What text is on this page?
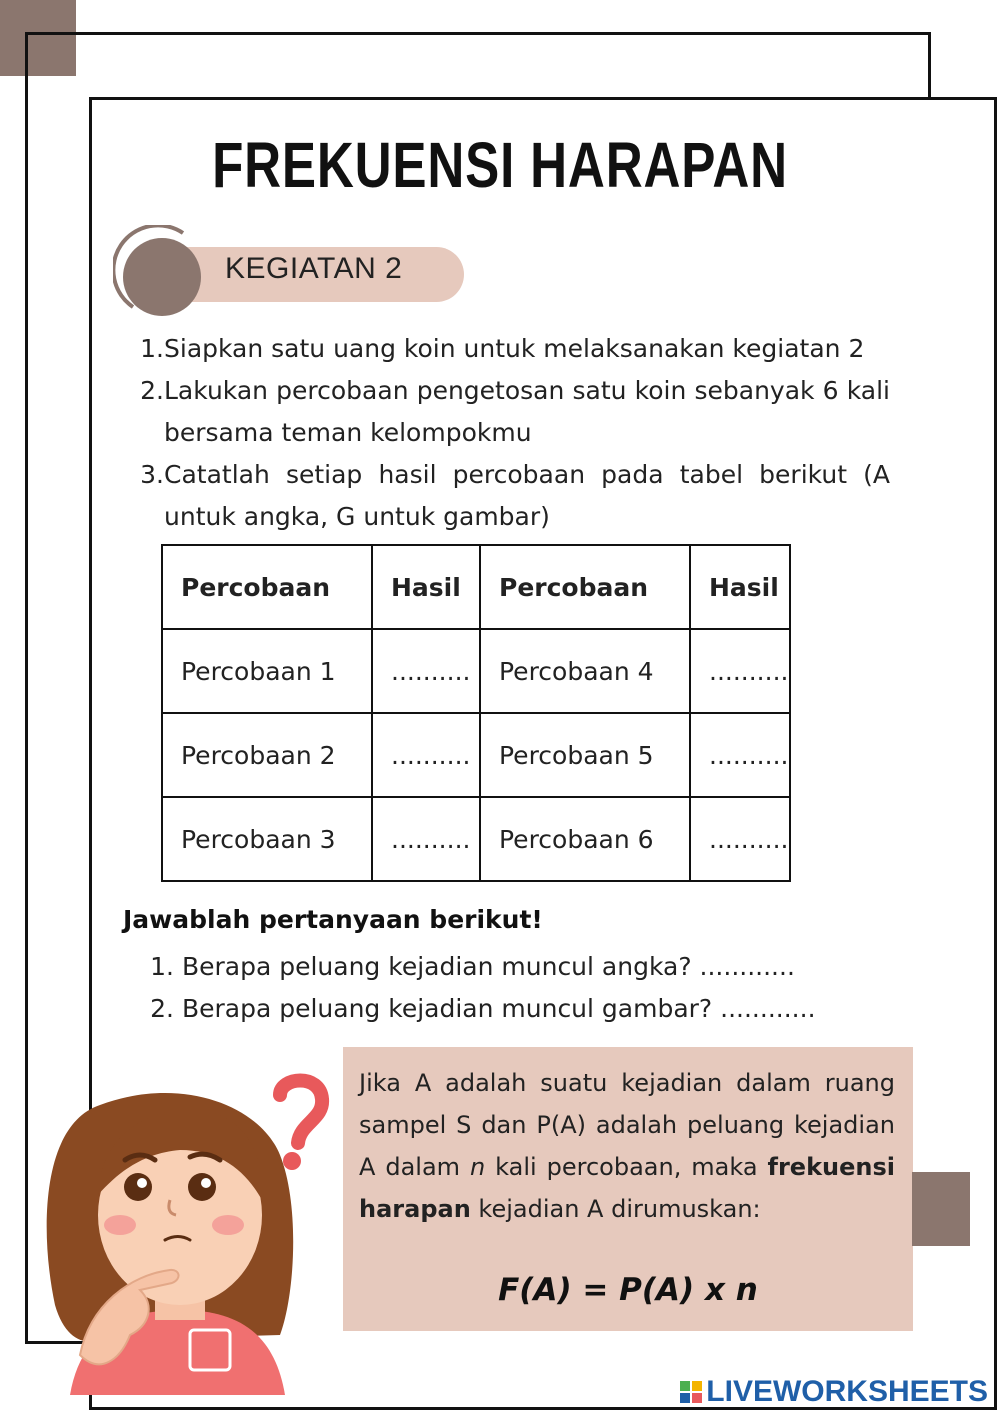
FREKUENSI HARAPAN
KEGIATAN 2
1. Siapkan satu uang koin untuk melaksanakan kegiatan 2
2. Lakukan percobaan pengetosan satu koin sebanyak 6 kali bersama teman kelompokmu
3. Catatlah setiap hasil percobaan pada tabel berikut (A untuk angka, G untuk gambar)
Percobaan	Hasil	Percobaan	Hasil
Percobaan 1	..........	Percobaan 4	..........
Percobaan 2	..........	Percobaan 5	..........
Percobaan 3	..........	Percobaan 6	..........
Jawablah pertanyaan berikut!
1. Berapa peluang kejadian muncul angka? ............
2. Berapa peluang kejadian muncul gambar? ............
Jika A adalah suatu kejadian dalam ruang sampel S dan P(A) adalah peluang kejadian A dalam n kali percobaan, maka frekuensi harapan kejadian A dirumuskan:
F(A) = P(A) x n
LIVEWORKSHEETS
